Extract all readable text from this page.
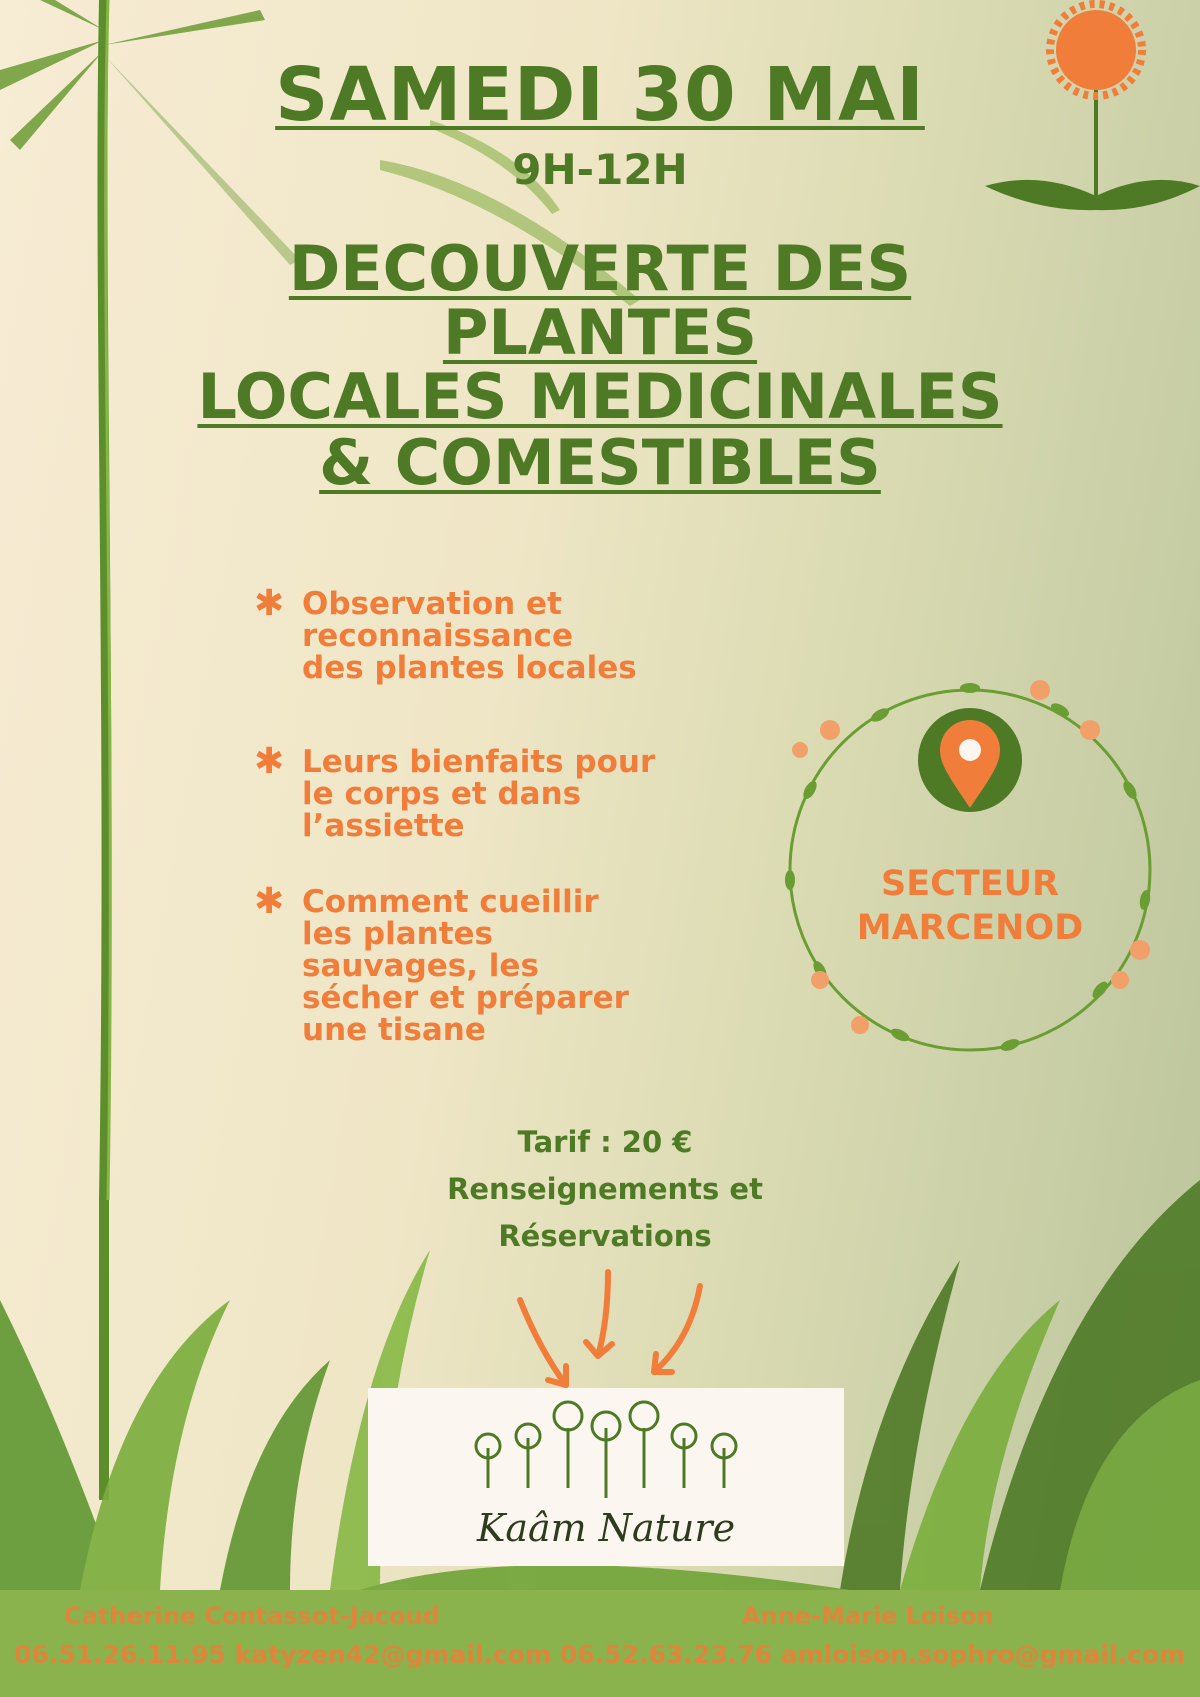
SAMEDI 30 MAI
9H-12H
DECOUVERTE DES
PLANTES
LOCALES MEDICINALES
& COMESTIBLES
✱ Observation et
reconnaissance
des plantes locales
✱ Leurs bienfaits pour
le corps et dans
l’assiette
✱ Comment cueillir
les plantes
sauvages, les
sécher et préparer
une tisane
SECTEUR
MARCENOD
Tarif : 20 €
Renseignements et
Réservations
Kaâm Nature
Catherine Contassot-Jacoud	Anne-Marie Loison
06.51.26.11.95 katyzen42@gmail.com 06.52.63.23.76 amloison.sophro@gmail.com
